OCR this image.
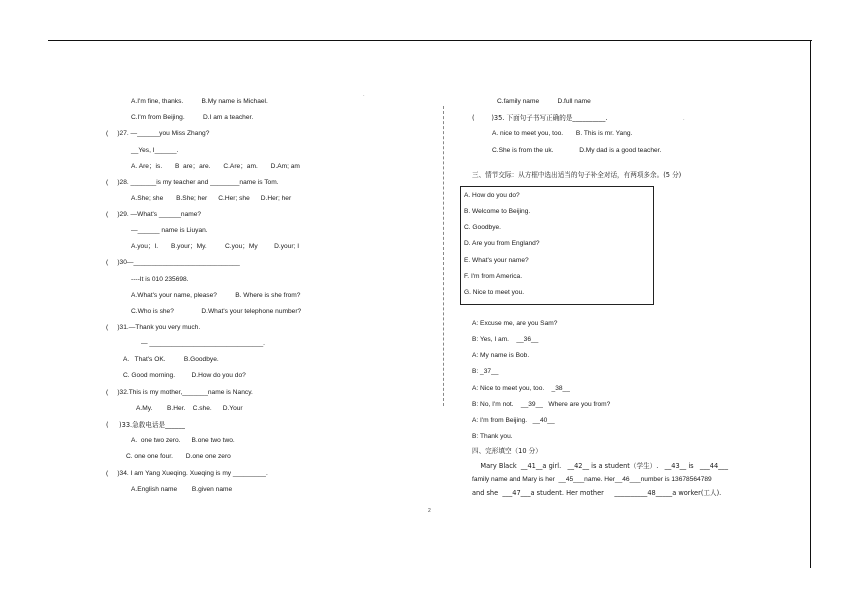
·
·
A.I'm fine, thanks.          B.My name is Michael.
C.I'm from Beijing.          D.I am a teacher.
(     )27. —______you Miss Zhang?
__Yes, I______.
A. Are；is.       B  are；are.       C.Are；am.       D.Am; am
(     )28. _______is my teacher and ________name is Tom.
A.She; she       B.She; her      C.Her; she      D.Her; her
(     )29. —What's ______name?
—______ name is Liuyan.
A.you；I.       B.your；My.          C.you；My         D.your; I
(     )30—_____________________________
----It is 010 235698.
A.What's your name, please?          B. Where is she from?
C.Who is she?               D.What's your telephone number?
(     )31.—Thank you very much.
— _______________________________.
A.   That's OK.          B.Goodbye.
C. Good morning.         D.How do you do?
(     )32.This is my mother,_______name is Nancy.
A.My.        B.Her.    C.she.      D.Your
(     )33.急救电话是______
A.  one two zero.      B.one two two.
C. one one four.       D.one one zero
(     )34. I am Yang Xueqing. Xueqing is my _________.
A.English name        B.given name
C.family name          D.full name
(        )35. 下面句子书写正确的是__________.
A. nice to meet you, too.       B. This is mr. Yang.
C.She is from the uk.              D.My dad is a good teacher.
三、情节交际：从方框中选出适当的句子补全对话，有两项多余。(5 分)
A. How do you do?
B. Welcome to Beijing.
C. Goodbye.
D. Are you from England?
E. What's your name?
F. I'm from America.
G. Nice to meet you.
A: Excuse me, are you Sam?
B: Yes, I am.    __36__
A: My name is Bob.
B: _37__
A: Nice to meet you, too.    _38__
B: No, I'm not.    __39__   Where are you from?
A: I'm from Beijing.   __40__
B: Thank you.
四、完形填空（10 分）
Mary Black  __41__a girl.   __42__ is a student（学生）.   __43__ is   ___44___
family name and Mary is her  __45___name. Her__46___number is 13678564789
and she  ___47___a student. Her mother     __________48_____a worker(工人).
2
